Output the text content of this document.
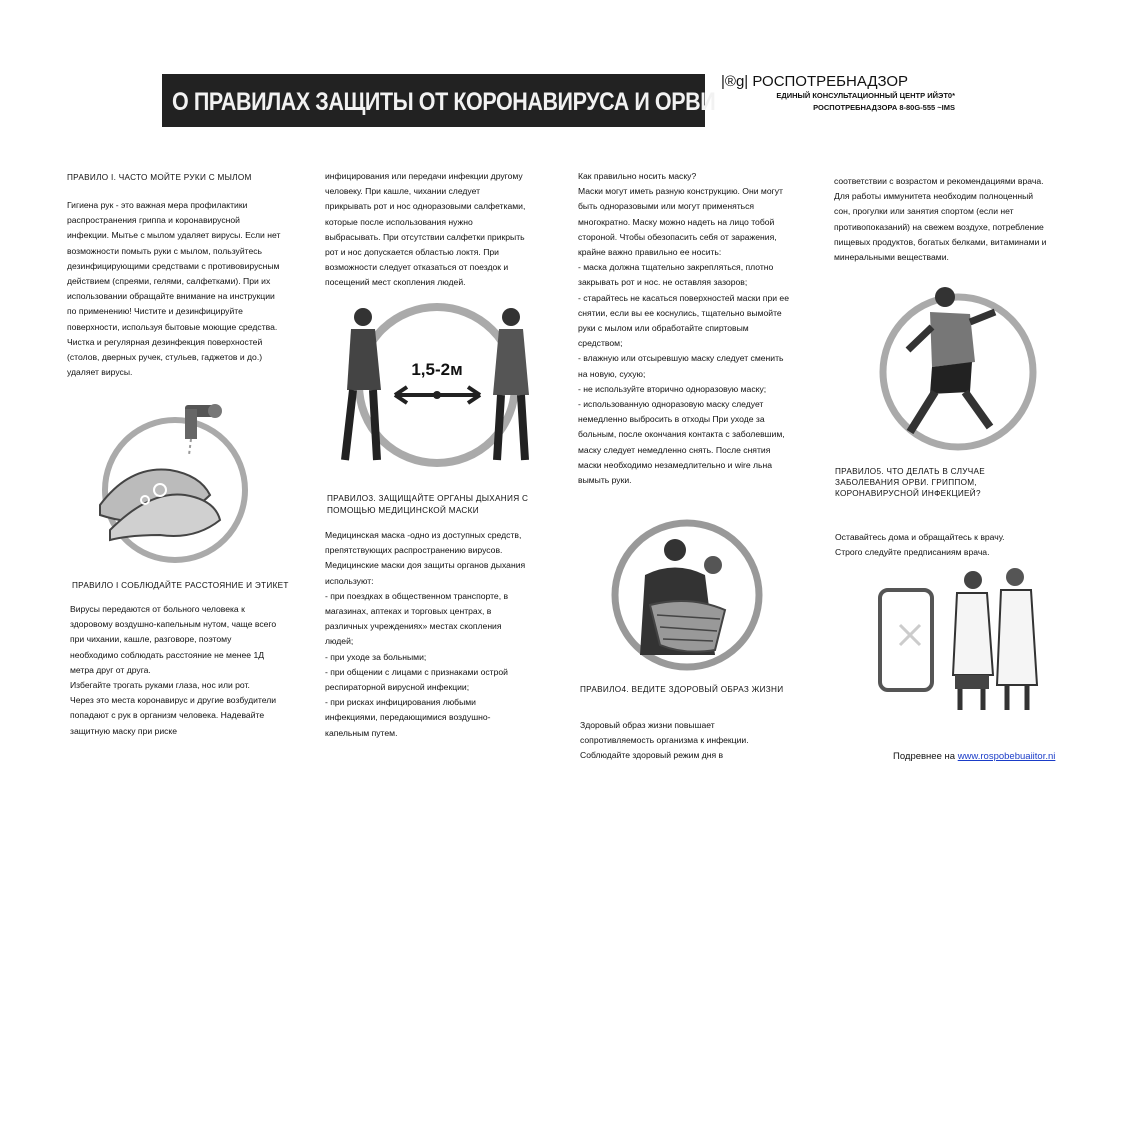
О ПРАВИЛАХ ЗАЩИТЫ ОТ КОРОНАВИРУСА И ОРВИ
|®g| РОСПОТРЕБНАДЗОР
ЕДИНЫЙ КОНСУЛЬТАЦИОННЫЙ ЦЕНТР ИЙЭТ0*
РОСПОТРЕБНАДЗОРА 8-80G-555 ~IMS
ПРАВИЛО I. ЧАСТО МОЙТЕ РУКИ С МЫЛОМ
Гигиена рук - это важная мера профилактики
распространения гриппа и коронавирусной
инфекции. Мытье с мылом удаляет вирусы. Если нет
возможности помыть руки с мылом, пользуйтесь
дезинфицирующими средствами с противовирусным
действием (спреями, гелями, салфетками). При их
использовании обращайте внимание на инструкции
по применению! Чистите и дезинфицируйте
поверхности, используя бытовые моющие средства.
Чистка и регулярная дезинфекция поверхностей
(столов, дверных ручек, стульев, гаджетов и до.)
удаляет вирусы.
ПРАВИЛО I СОБЛЮДАЙТЕ РАССТОЯНИЕ И ЭТИКЕТ
Вирусы передаются от больного человека к
здоровому воздушно-капельным нутом, чаще всего
при чихании, кашле, разговоре, поэтому
необходимо соблюдать расстояние не менее 1Д
метра друг от друга.
Избегайте трогать руками глаза, нос или рот.
Через это места коронавирус и другие возбудители
попадают с рук в организм человека. Надевайте
защитную маску при риске
инфицирования или передачи инфекции другому
человеку. При кашле, чихании следует
прикрывать рот и нос одноразовыми салфетками,
которые после использования нужно
выбрасывать. При отсутствии салфетки прикрыть
рот и нос допускается областью локтя. При
возможности следует отказаться от поездок и
посещений мест скопления людей.
1,5-2м
ПРАВИЛО3. ЗАЩИЩАЙТЕ ОРГАНЫ ДЫХАНИЯ С
ПОМОЩЬЮ МЕДИЦИНСКОЙ МАСКИ
Медицинская маска -одно из доступных средств,
препятствующих распространению вирусов.
Медицинские маски доя защиты органов дыхания
используют:
- при поездках в общественном транспорте, в
магазинах, аптеках и торговых центрах, в
различных учреждениях» местах скопления
людей;
- при уходе за больными;
- при общении с лицами с признаками острой
респираторной вирусной инфекции;
- при рисках инфицирования любыми
инфекциями, передающимися воздушно-
капельным путем.
Как правильно носить маску?
Маски могут иметь разную конструкцию. Они могут
быть одноразовыми или могут применяться
многократно. Маску можно надеть на лицо тобой
стороной. Чтобы обезопасить себя от заражения,
крайне важно правильно ее носить:
- маска должна тщательно закрепляться, плотно
закрывать рот и нос. не оставляя зазоров;
- старайтесь не касаться поверхностей маски при ее
снятии, если вы ее коснулись, тщательно вымойте
руки с мылом или обработайте спиртовым
средством;
- влажную или отсыревшую маску следует сменить
на новую, сухую;
- не используйте вторично одноразовую маску;
- использованную одноразовую маску следует
немедленно выбросить в отходы При уходе за
больным, после окончания контакта с заболевшим,
маску следует немедленно снять. После снятия
маски необходимо незамедлительно и wire льна
вымыть руки.
ПРАВИЛО4. ВЕДИТЕ ЗДОРОВЫЙ ОБРАЗ ЖИЗНИ
Здоровый образ жизни повышает
сопротивляемость организма к инфекции.
Соблюдайте здоровый режим дня в
соответствии с возрастом и рекомендациями врача.
Для работы иммунитета необходим полноценный
сон, прогулки или занятия спортом (если нет
противопоказаний) на свежем воздухе, потребление
пищевых продуктов, богатых белками, витаминами и
минеральными веществами.
ПРАВИЛО5. ЧТО ДЕЛАТЬ В СЛУЧАЕ
ЗАБОЛЕВАНИЯ ОРВИ. ГРИППОМ,
КОРОНАВИРУСНОЙ ИНФЕКЦИЕЙ?
Оставайтесь дома и обращайтесь к врачу.
Строго следуйте предписаниям врача.
Подревнее на www.rospobebuaiitor.ni
